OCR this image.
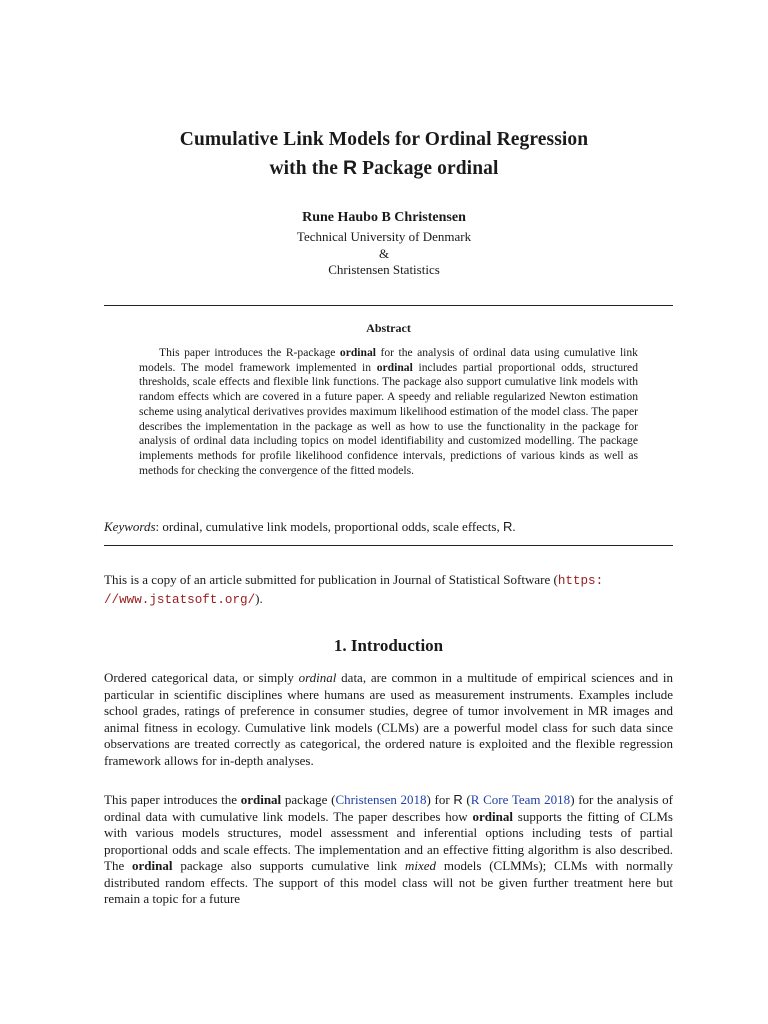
Cumulative Link Models for Ordinal Regression
with the R Package ordinal
Rune Haubo B Christensen
Technical University of Denmark
&
Christensen Statistics
Abstract
This paper introduces the R-package ordinal for the analysis of ordinal data using cumulative link models. The model framework implemented in ordinal includes partial proportional odds, structured thresholds, scale effects and flexible link functions. The package also support cumulative link models with random effects which are covered in a future paper. A speedy and reliable regularized Newton estimation scheme using analytical derivatives provides maximum likelihood estimation of the model class. The paper describes the implementation in the package as well as how to use the functionality in the package for analysis of ordinal data including topics on model identifiability and customized modelling. The package implements methods for profile likelihood confidence intervals, predictions of various kinds as well as methods for checking the convergence of the fitted models.
Keywords: ordinal, cumulative link models, proportional odds, scale effects, R.
This is a copy of an article submitted for publication in Journal of Statistical Software (https:
//www.jstatsoft.org/).
1. Introduction
Ordered categorical data, or simply ordinal data, are common in a multitude of empirical sciences and in particular in scientific disciplines where humans are used as measurement instruments. Examples include school grades, ratings of preference in consumer studies, degree of tumor involvement in MR images and animal fitness in ecology. Cumulative link models (CLMs) are a powerful model class for such data since observations are treated correctly as categorical, the ordered nature is exploited and the flexible regression framework allows for in-depth analyses.
This paper introduces the ordinal package (Christensen 2018) for R (R Core Team 2018) for the analysis of ordinal data with cumulative link models. The paper describes how ordinal supports the fitting of CLMs with various models structures, model assessment and inferential options including tests of partial proportional odds and scale effects. The implementation and an effective fitting algorithm is also described. The ordinal package also supports cumulative link mixed models (CLMMs); CLMs with normally distributed random effects. The support of this model class will not be given further treatment here but remain a topic for a future
